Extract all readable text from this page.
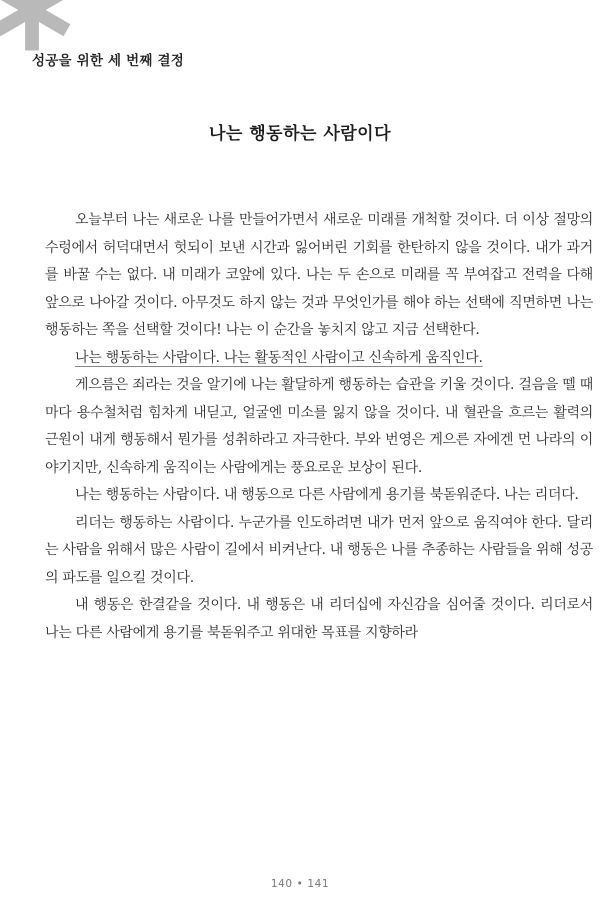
성공을 위한 세 번째 결정
나는 행동하는 사람이다

오늘부터 나는 새로운 나를 만들어가면서 새로운 미래를 개척할 것이다. 더 이상 절망의 수렁에서 허덕대면서 헛되이 보낸 시간과 잃어버린 기회를 한탄하지 않을 것이다. 내가 과거를 바꿀 수는 없다. 내 미래가 코앞에 있다. 나는 두 손으로 미래를 꼭 부여잡고 전력을 다해 앞으로 나아갈 것이다. 아무것도 하지 않는 것과 무엇인가를 해야 하는 선택에 직면하면 나는 행동하는 쪽을 선택할 것이다! 나는 이 순간을 놓치지 않고 지금 선택한다.

나는 행동하는 사람이다. 나는 활동적인 사람이고 신속하게 움직인다.

게으름은 죄라는 것을 알기에 나는 활달하게 행동하는 습관을 키울 것이다. 걸음을 뗄 때마다 용수철처럼 힘차게 내딛고, 얼굴엔 미소를 잃지 않을 것이다. 내 혈관을 흐르는 활력의 근원이 내게 행동해서 뭔가를 성취하라고 자극한다. 부와 번영은 게으른 자에겐 먼 나라의 이야기지만, 신속하게 움직이는 사람에게는 풍요로운 보상이 된다.

나는 행동하는 사람이다. 내 행동으로 다른 사람에게 용기를 북돋워준다. 나는 리더다.

리더는 행동하는 사람이다. 누군가를 인도하려면 내가 먼저 앞으로 움직여야 한다. 달리는 사람을 위해서 많은 사람이 길에서 비켜난다. 내 행동은 나를 추종하는 사람들을 위해 성공의 파도를 일으킬 것이다.

내 행동은 한결같을 것이다. 내 행동은 내 리더십에 자신감을 심어줄 것이다. 리더로서 나는 다른 사람에게 용기를 북돋워주고 위대한 목표를 지향하라

140 • 141
